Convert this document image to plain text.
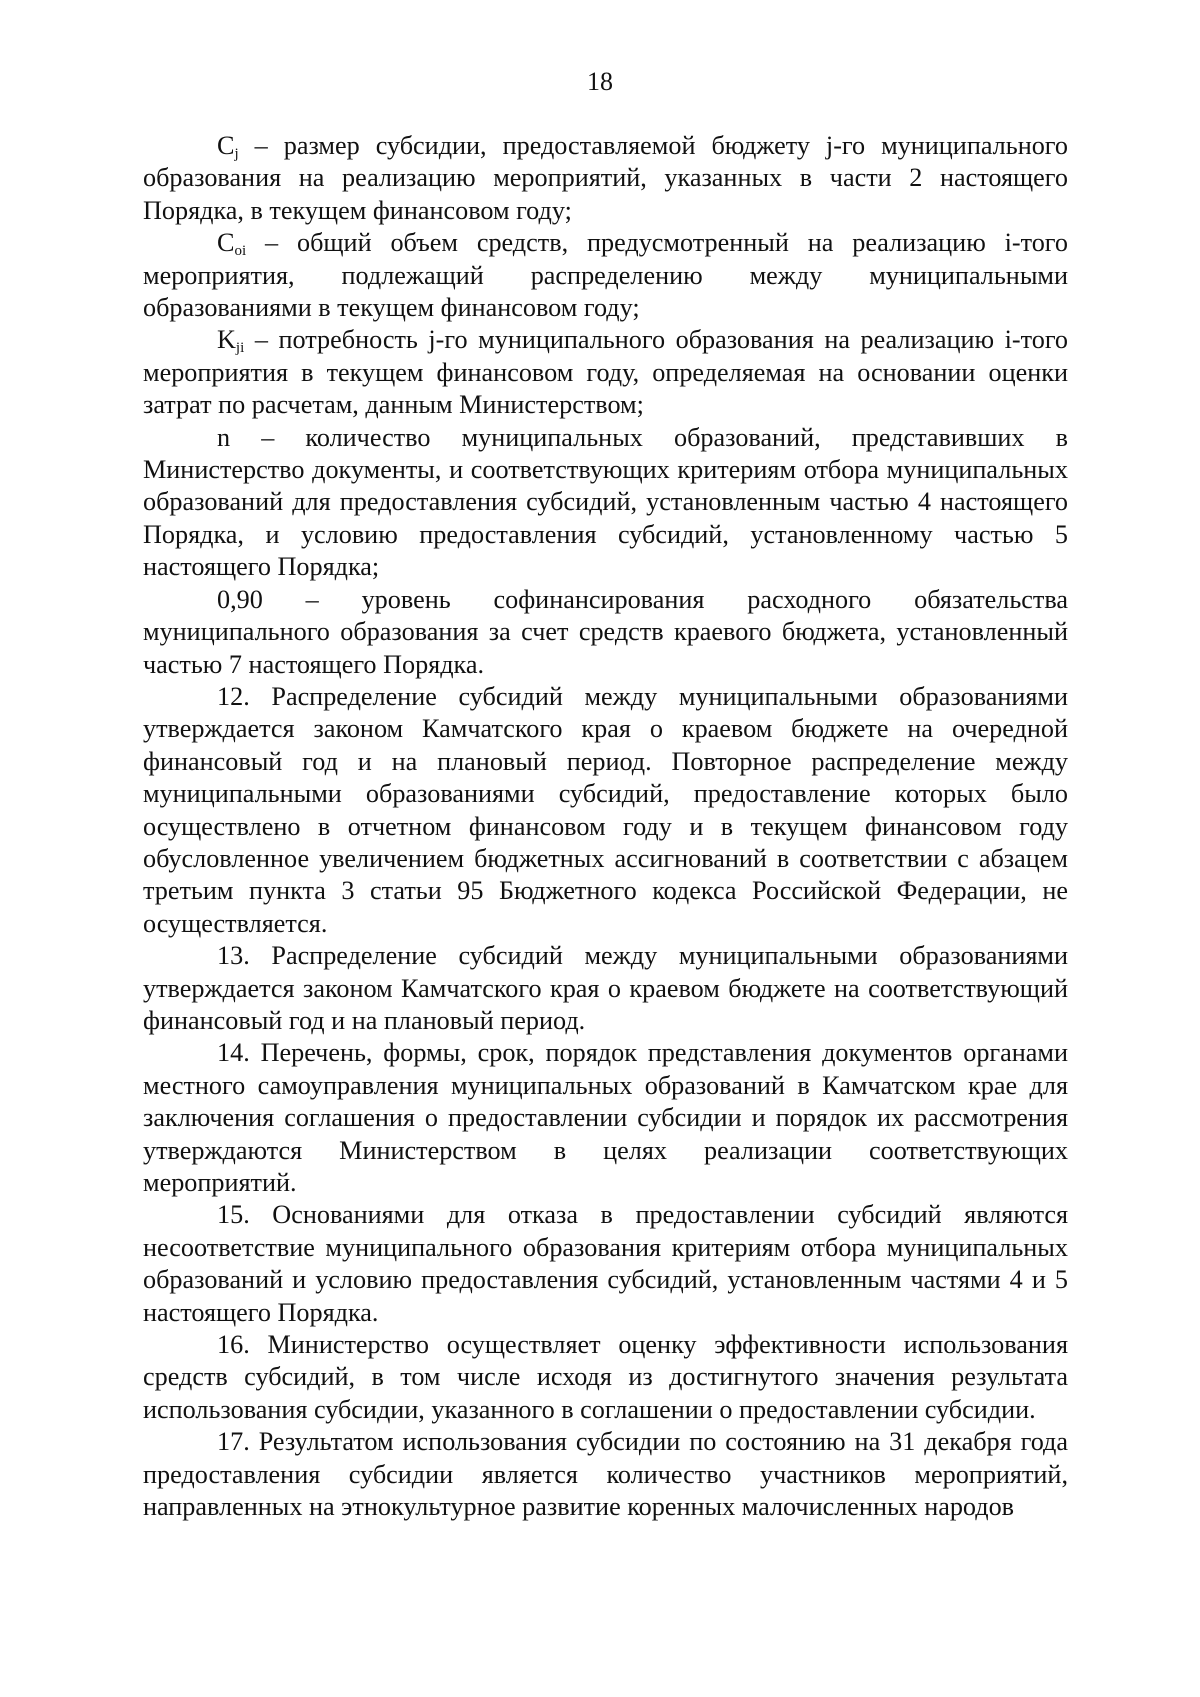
18

$C_j$ – размер субсидии, предоставляемой бюджету j-го муниципального образования на реализацию мероприятий, указанных в части 2 настоящего Порядка, в текущем финансовом году;

$C_{oi}$ – общий объем средств, предусмотренный на реализацию i-того мероприятия, подлежащий распределению между муниципальными образованиями в текущем финансовом году;

$K_{ji}$ – потребность j-го муниципального образования на реализацию i-того мероприятия в текущем финансовом году, определяемая на основании оценки затрат по расчетам, данным Министерством;

n – количество муниципальных образований, представивших в Министерство документы, и соответствующих критериям отбора муниципальных образований для предоставления субсидий, установленным частью 4 настоящего Порядка, и условию предоставления субсидий, установленному частью 5 настоящего Порядка;

0,90 – уровень софинансирования расходного обязательства муниципального образования за счет средств краевого бюджета, установленный частью 7 настоящего Порядка.

12. Распределение субсидий между муниципальными образованиями утверждается законом Камчатского края о краевом бюджете на очередной финансовый год и на плановый период. Повторное распределение между муниципальными образованиями субсидий, предоставление которых было осуществлено в отчетном финансовом году и в текущем финансовом году обусловленное увеличением бюджетных ассигнований в соответствии с абзацем третьим пункта 3 статьи 95 Бюджетного кодекса Российской Федерации, не осуществляется.

13. Распределение субсидий между муниципальными образованиями утверждается законом Камчатского края о краевом бюджете на соответствующий финансовый год и на плановый период.

14. Перечень, формы, срок, порядок представления документов органами местного самоуправления муниципальных образований в Камчатском крае для заключения соглашения о предоставлении субсидии и порядок их рассмотрения утверждаются Министерством в целях реализации соответствующих мероприятий.

15. Основаниями для отказа в предоставлении субсидий являются несоответствие муниципального образования критериям отбора муниципальных образований и условию предоставления субсидий, установленным частями 4 и 5 настоящего Порядка.

16. Министерство осуществляет оценку эффективности использования средств субсидий, в том числе исходя из достигнутого значения результата использования субсидии, указанного в соглашении о предоставлении субсидии.

17. Результатом использования субсидии по состоянию на 31 декабря года предоставления субсидии является количество участников мероприятий, направленных на этнокультурное развитие коренных малочисленных народов
